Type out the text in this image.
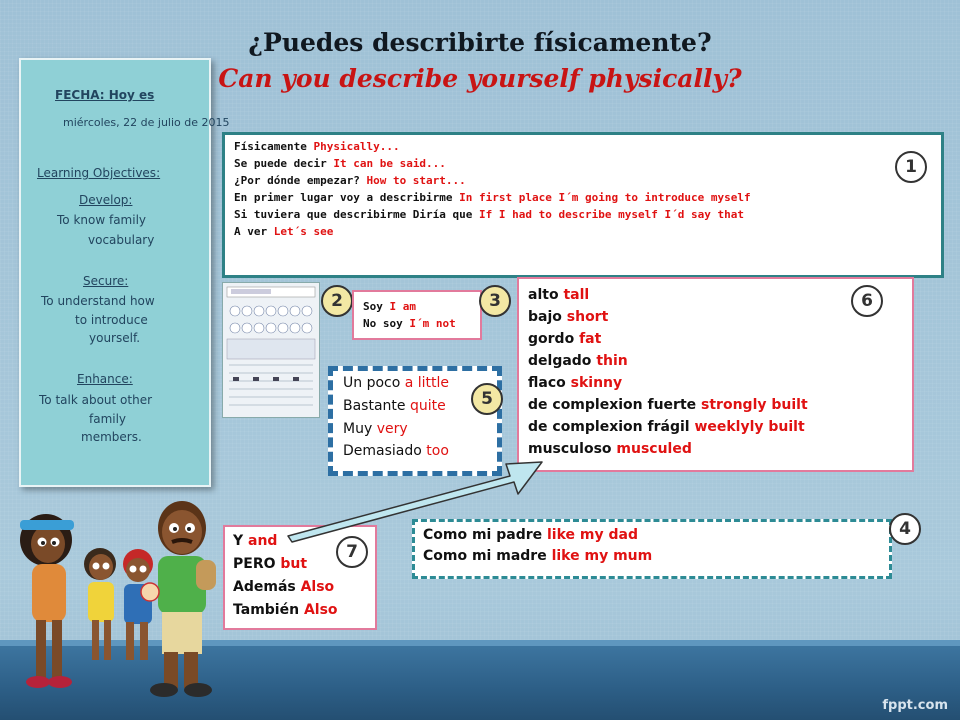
¿Puedes describirte físicamente?
Can you describe yourself physically?
FECHA: Hoy es
miércoles, 22 de julio de 2015
Learning Objectives:
Develop:
To know family
vocabulary
Secure:
To understand how
to introduce
yourself.
Enhance:
To talk about other
family
members.
Físicamente Physically...
Se puede decir It can be said...
¿Por dónde empezar? How to start...
En primer lugar voy a describirme In first place I´m going to introduce myself
Si tuviera que describirme Diría que If I had to describe myself I´d say that
A ver Let´s see
1
2	Soy I am
No soy I´m not
3
Un poco a little
Bastante quite
Muy very
Demasiado too
5
alto tall
bajo short
gordo fat
delgado thin
flaco skinny
de complexion fuerte strongly built
de complexion frágil weeklyly built
musculoso musculed
6
Como mi padre like my dad
Como mi madre like my mum
4
Y and
PERO but
Además Also
También Also
7
fppt.com
